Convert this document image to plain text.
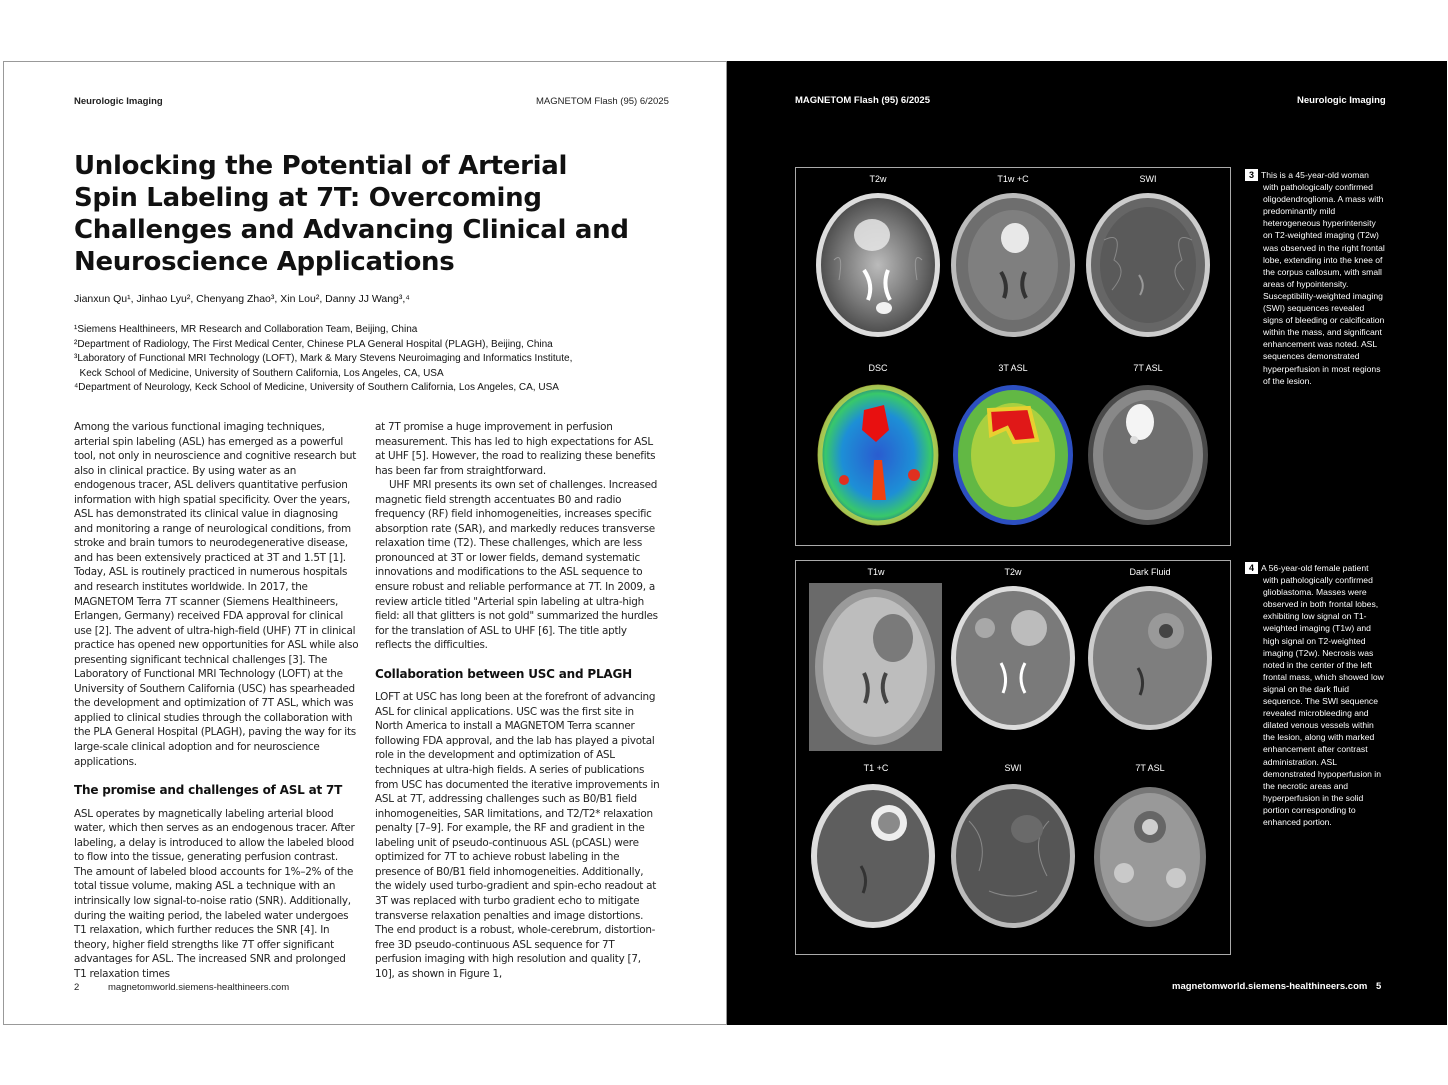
Neurologic Imaging	MAGNETOM Flash (95) 6/2025
Unlocking the Potential of Arterial Spin Labeling at 7T: Overcoming Challenges and Advancing Clinical and Neuroscience Applications
Jianxun Qu¹, Jinhao Lyu², Chenyang Zhao³, Xin Lou², Danny JJ Wang³,⁴
¹Siemens Healthineers, MR Research and Collaboration Team, Beijing, China
²Department of Radiology, The First Medical Center, Chinese PLA General Hospital (PLAGH), Beijing, China
³Laboratory of Functional MRI Technology (LOFT), Mark & Mary Stevens Neuroimaging and Informatics Institute,
Keck School of Medicine, University of Southern California, Los Angeles, CA, USA
⁴Department of Neurology, Keck School of Medicine, University of Southern California, Los Angeles, CA, USA

Among the various functional imaging techniques, arterial spin labeling (ASL) has emerged as a powerful tool, not only in neuroscience and cognitive research but also in clinical practice. By using water as an endogenous tracer, ASL delivers quantitative perfusion information with high spatial specificity. Over the years, ASL has demonstrated its clinical value in diagnosing and monitoring a range of neurological conditions, from stroke and brain tumors to neurodegenerative disease, and has been extensively practiced at 3T and 1.5T [1]. Today, ASL is routinely practiced in numerous hospitals and research institutes worldwide. In 2017, the MAGNETOM Terra 7T scanner (Siemens Healthineers, Erlangen, Germany) received FDA approval for clinical use [2]. The advent of ultra-high-field (UHF) 7T in clinical practice has opened new opportunities for ASL while also presenting significant technical challenges [3]. The Laboratory of Functional MRI Technology (LOFT) at the University of Southern California (USC) has spearheaded the development and optimization of 7T ASL, which was applied to clinical studies through the collaboration with the PLA General Hospital (PLAGH), paving the way for its large-scale clinical adoption and for neuroscience applications.

The promise and challenges of ASL at 7T

ASL operates by magnetically labeling arterial blood water, which then serves as an endogenous tracer. After labeling, a delay is introduced to allow the labeled blood to flow into the tissue, generating perfusion contrast. The amount of labeled blood accounts for 1%–2% of the total tissue volume, making ASL a technique with an intrinsically low signal-to-noise ratio (SNR). Additionally, during the waiting period, the labeled water undergoes T1 relaxation, which further reduces the SNR [4]. In theory, higher field strengths like 7T offer significant advantages for ASL. The increased SNR and prolonged T1 relaxation times

at 7T promise a huge improvement in perfusion measurement. This has led to high expectations for ASL at UHF [5]. However, the road to realizing these benefits has been far from straightforward.

UHF MRI presents its own set of challenges. Increased magnetic field strength accentuates B0 and radio frequency (RF) field inhomogeneities, increases specific absorption rate (SAR), and markedly reduces transverse relaxation time (T2). These challenges, which are less pronounced at 3T or lower fields, demand systematic innovations and modifications to the ASL sequence to ensure robust and reliable performance at 7T. In 2009, a review article titled "Arterial spin labeling at ultra-high field: all that glitters is not gold" summarized the hurdles for the translation of ASL to UHF [6]. The title aptly reflects the difficulties.

Collaboration between USC and PLAGH

LOFT at USC has long been at the forefront of advancing ASL for clinical applications. USC was the first site in North America to install a MAGNETOM Terra scanner following FDA approval, and the lab has played a pivotal role in the development and optimization of ASL techniques at ultra-high fields. A series of publications from USC has documented the iterative improvements in ASL at 7T, addressing challenges such as B0/B1 field inhomogeneities, SAR limitations, and T2/T2* relaxation penalty [7–9]. For example, the RF and gradient in the labeling unit of pseudo-continuous ASL (pCASL) were optimized for 7T to achieve robust labeling in the presence of B0/B1 field inhomogeneities. Additionally, the widely used turbo-gradient and spin-echo readout at 3T was replaced with turbo gradient echo to mitigate transverse relaxation penalties and image distortions. The end product is a robust, whole-cerebrum, distortion-free 3D pseudo-continuous ASL sequence for 7T perfusion imaging with high resolution and quality [7, 10], as shown in Figure 1,

2	magnetomworld.siemens-healthineers.com
MAGNETOM Flash (95) 6/2025	Neurologic Imaging
T2w	T1w +C	SWI
DSC	3T ASL	7T ASL
3 This is a 45-year-old woman with pathologically confirmed oligodendroglioma. A mass with predominantly mild heterogeneous hyperintensity on T2-weighted imaging (T2w) was observed in the right frontal lobe, extending into the knee of the corpus callosum, with small areas of hypointensity. Susceptibility-weighted imaging (SWI) sequences revealed signs of bleeding or calcification within the mass, and significant enhancement was noted. ASL sequences demonstrated hyperperfusion in most regions of the lesion.
T1w	T2w	Dark Fluid
T1 +C	SWI	7T ASL
4 A 56-year-old female patient with pathologically confirmed glioblastoma. Masses were observed in both frontal lobes, exhibiting low signal on T1-weighted imaging (T1w) and high signal on T2-weighted imaging (T2w). Necrosis was noted in the center of the left frontal mass, which showed low signal on the dark fluid sequence. The SWI sequence revealed microbleeding and dilated venous vessels within the lesion, along with marked enhancement after contrast administration. ASL demonstrated hypoperfusion in the necrotic areas and hyperperfusion in the solid portion corresponding to enhanced portion.
magnetomworld.siemens-healthineers.com 5
